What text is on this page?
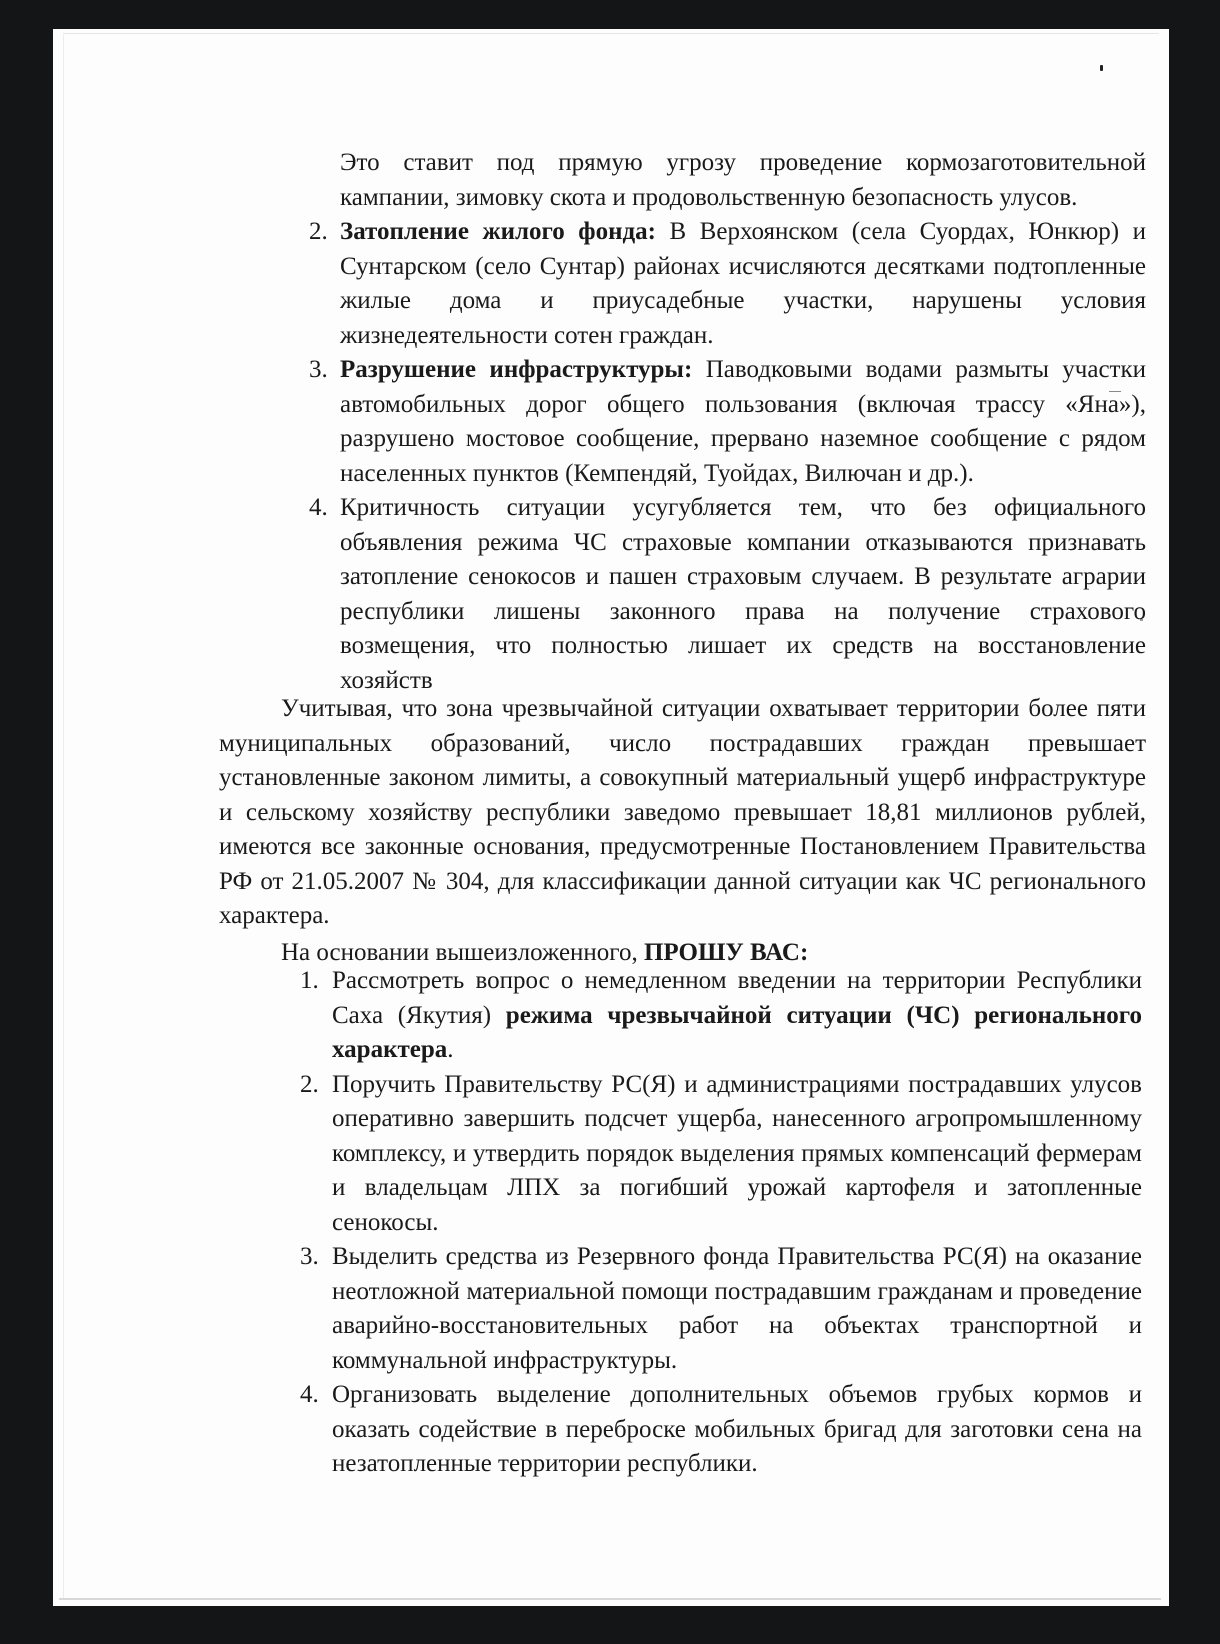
Это ставит под прямую угрозу проведение кормозаготовительной кампании, зимовку скота и продовольственную безопасность улусов.

2. Затопление жилого фонда: В Верхоянском (села Суордах, Юнкюр) и Сунтарском (село Сунтар) районах исчисляются десятками подтопленные жилые дома и приусадебные участки, нарушены условия жизнедеятельности сотен граждан.

3. Разрушение инфраструктуры: Паводковыми водами размыты участки автомобильных дорог общего пользования (включая трассу «Яна»), разрушено мостовое сообщение, прервано наземное сообщение с рядом населенных пунктов (Кемпендяй, Туойдах, Вилючан и др.).

4. Критичность ситуации усугубляется тем, что без официального объявления режима ЧС страховые компании отказываются признавать затопление сенокосов и пашен страховым случаем. В результате аграрии республики лишены законного права на получение страхового возмещения, что полностью лишает их средств на восстановление хозяйств

Учитывая, что зона чрезвычайной ситуации охватывает территории более пяти муниципальных образований, число пострадавших граждан превышает установленные законом лимиты, а совокупный материальный ущерб инфраструктуре и сельскому хозяйству республики заведомо превышает 18,81 миллионов рублей, имеются все законные основания, предусмотренные Постановлением Правительства РФ от 21.05.2007 № 304, для классификации данной ситуации как ЧС регионального характера.

На основании вышеизложенного, ПРОШУ ВАС:

1. Рассмотреть вопрос о немедленном введении на территории Республики Саха (Якутия) режима чрезвычайной ситуации (ЧС) регионального характера.

2. Поручить Правительству РС(Я) и администрациями пострадавших улусов оперативно завершить подсчет ущерба, нанесенного агропромышленному комплексу, и утвердить порядок выделения прямых компенсаций фермерам и владельцам ЛПХ за погибший урожай картофеля и затопленные сенокосы.

3. Выделить средства из Резервного фонда Правительства РС(Я) на оказание неотложной материальной помощи пострадавшим гражданам и проведение аварийно-восстановительных работ на объектах транспортной и коммунальной инфраструктуры.

4. Организовать выделение дополнительных объемов грубых кормов и оказать содействие в переброске мобильных бригад для заготовки сена на незатопленные территории республики.
